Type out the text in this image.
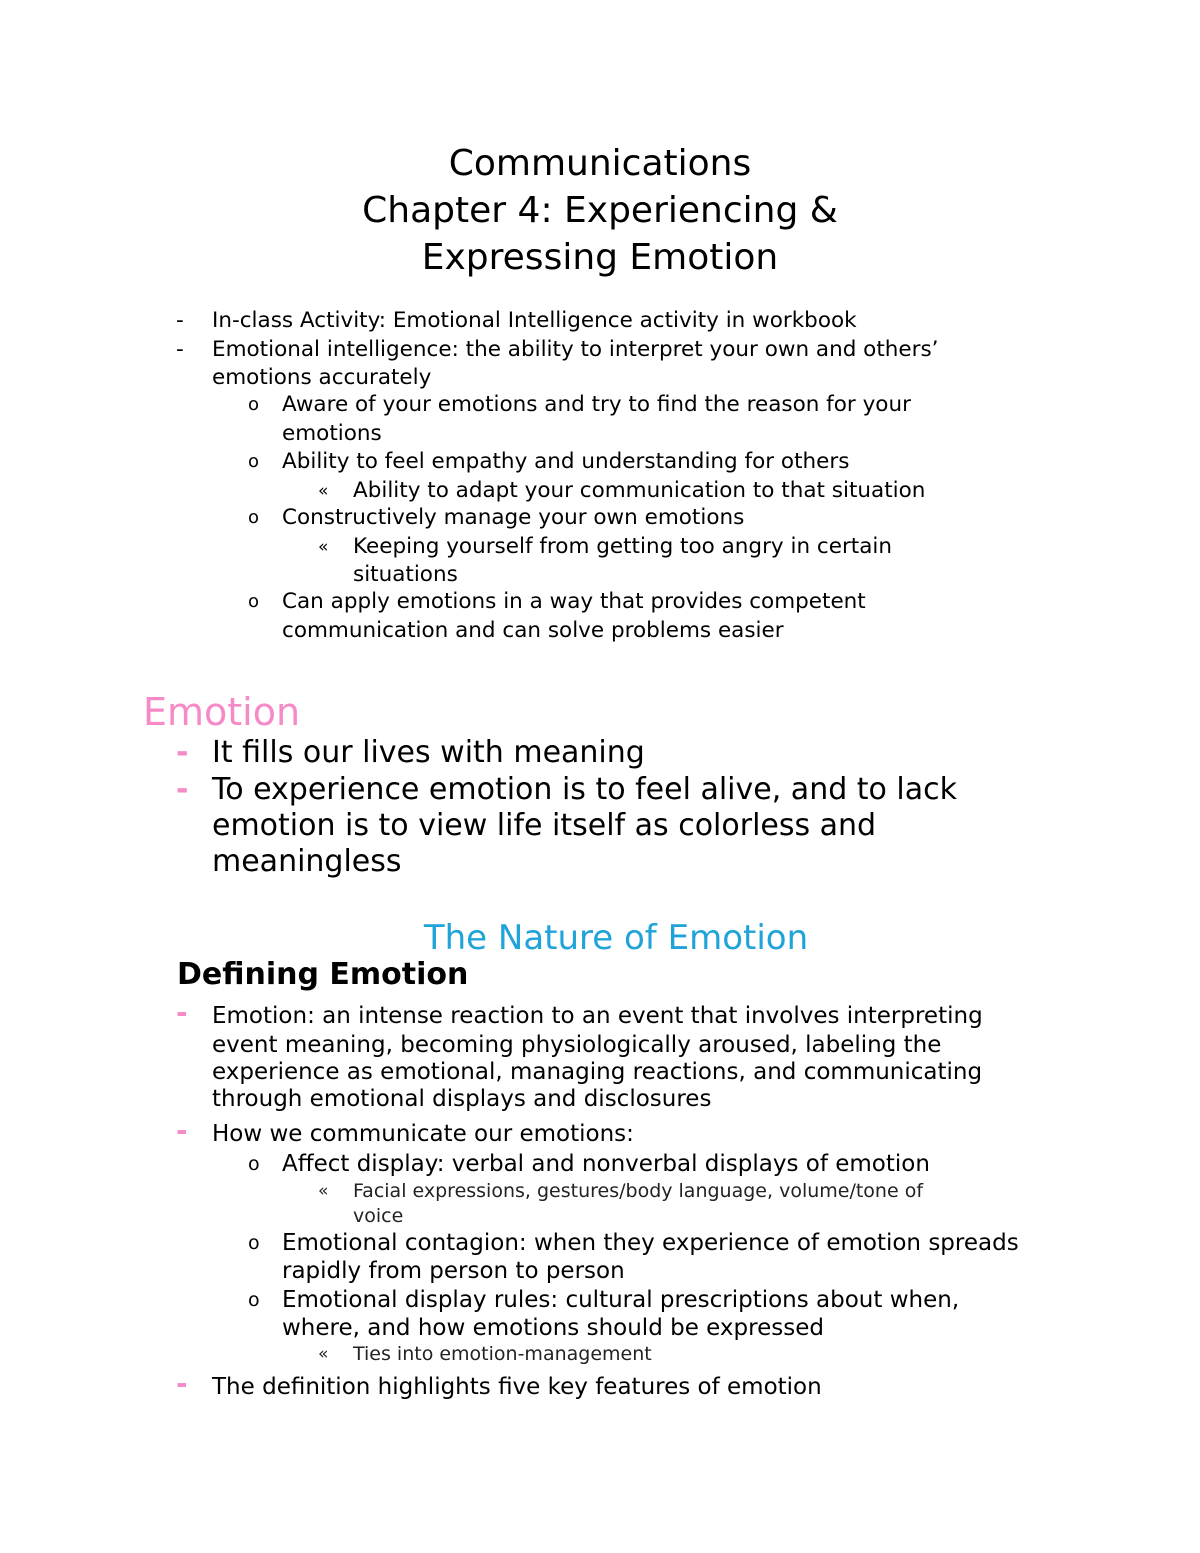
Communications
Chapter 4: Experiencing &
Expressing Emotion
- In-class Activity: Emotional Intelligence activity in workbook
- Emotional intelligence: the ability to interpret your own and others’
emotions accurately
o Aware of your emotions and try to find the reason for your
emotions
o Ability to feel empathy and understanding for others
« Ability to adapt your communication to that situation
o Constructively manage your own emotions
« Keeping yourself from getting too angry in certain
situations
o Can apply emotions in a way that provides competent
communication and can solve problems easier
Emotion
- It fills our lives with meaning
- To experience emotion is to feel alive, and to lack
emotion is to view life itself as colorless and
meaningless
The Nature of Emotion
Defining Emotion
- Emotion: an intense reaction to an event that involves interpreting
event meaning, becoming physiologically aroused, labeling the
experience as emotional, managing reactions, and communicating
through emotional displays and disclosures
- How we communicate our emotions:
o Affect display: verbal and nonverbal displays of emotion
« Facial expressions, gestures/body language, volume/tone of
voice
o Emotional contagion: when they experience of emotion spreads
rapidly from person to person
o Emotional display rules: cultural prescriptions about when,
where, and how emotions should be expressed
« Ties into emotion-management
- The definition highlights five key features of emotion
